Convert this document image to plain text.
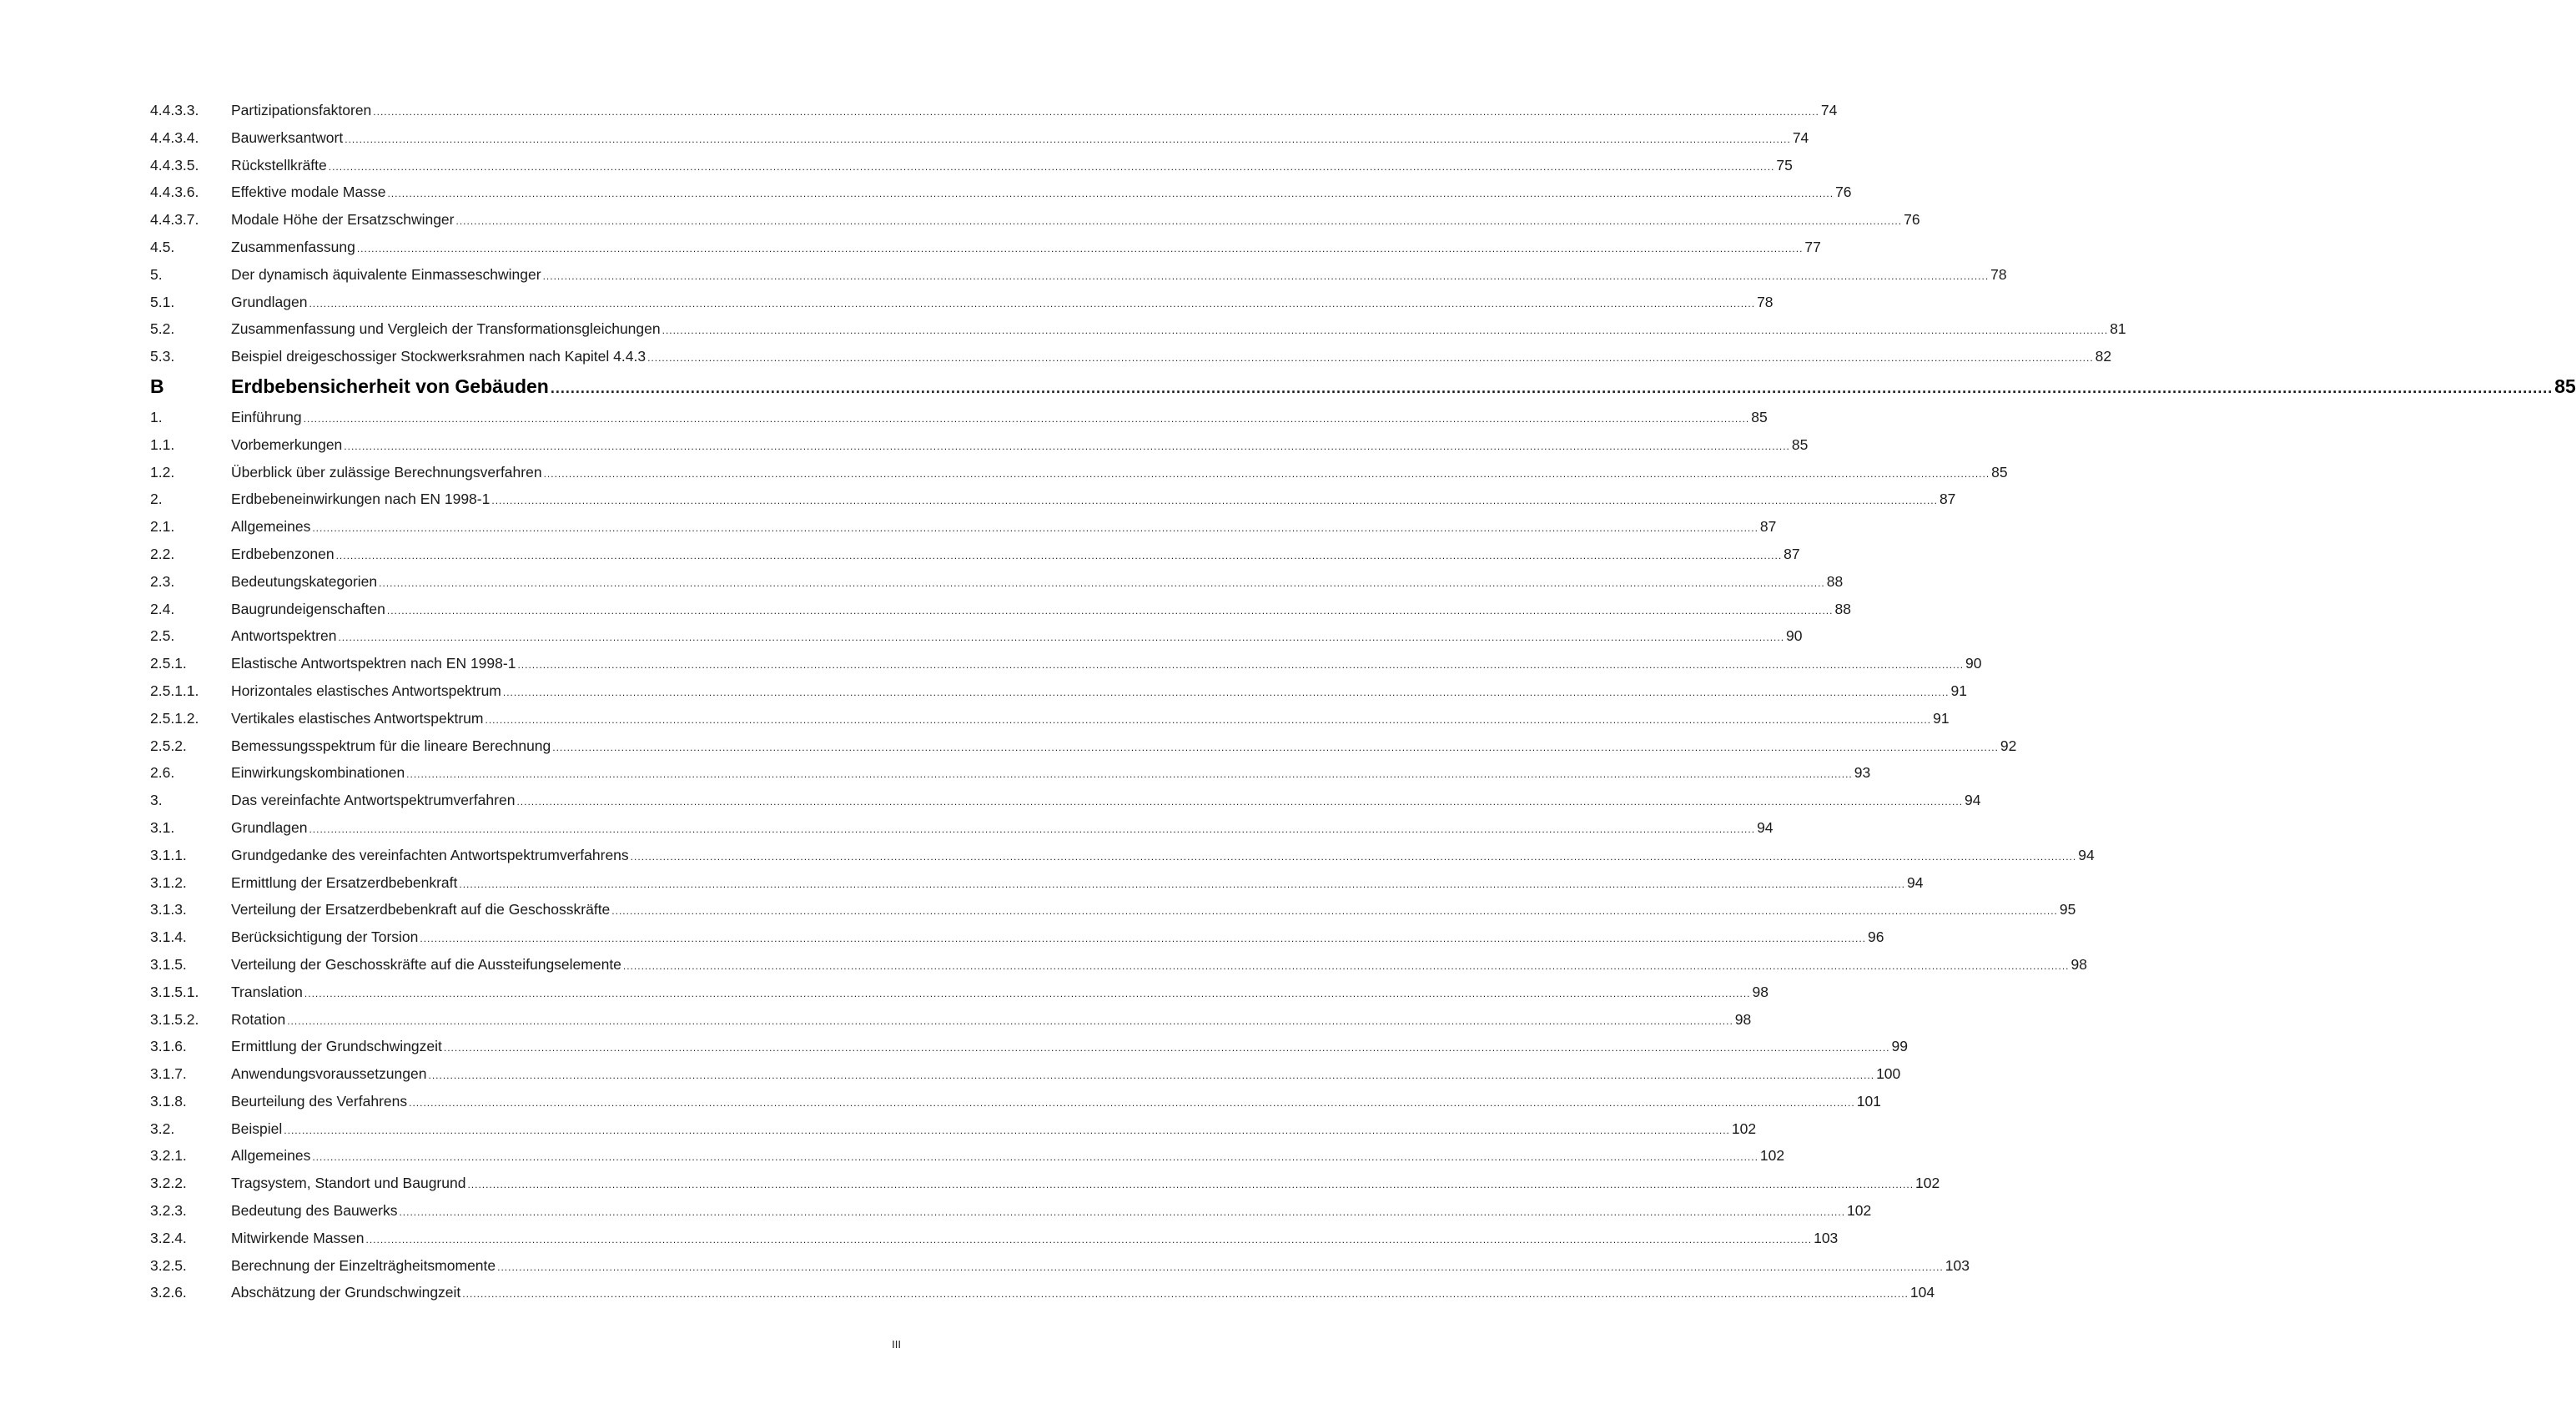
4.4.3.3.	Partizipationsfaktoren ................................................................................................................................................................................................................................................................................................................................................................................................................ 74
4.4.3.4.	Bauwerksantwort ................................................................................................................................................................................................................................................................................................................................................................................................................ 74
4.4.3.5.	Rückstellkräfte ................................................................................................................................................................................................................................................................................................................................................................................................................ 75
4.4.3.6.	Effektive modale Masse ................................................................................................................................................................................................................................................................................................................................................................................................................ 76
4.4.3.7.	Modale Höhe der Ersatzschwinger ................................................................................................................................................................................................................................................................................................................................................................................................................ 76
4.5.	Zusammenfassung ................................................................................................................................................................................................................................................................................................................................................................................................................ 77
5.	Der dynamisch äquivalente Einmasseschwinger ................................................................................................................................................................................................................................................................................................................................................................................................................ 78
5.1.	Grundlagen ................................................................................................................................................................................................................................................................................................................................................................................................................ 78
5.2.	Zusammenfassung und Vergleich der Transformationsgleichungen ................................................................................................................................................................................................................................................................................................................................................................................................................ 81
5.3.	Beispiel dreigeschossiger Stockwerksrahmen nach Kapitel 4.4.3 ................................................................................................................................................................................................................................................................................................................................................................................................................ 82
B	Erdbebensicherheit von Gebäuden ................................................................................................................................................................................................................................................................................................................................................................................................................ 85
1.	Einführung ................................................................................................................................................................................................................................................................................................................................................................................................................ 85
1.1.	Vorbemerkungen ................................................................................................................................................................................................................................................................................................................................................................................................................ 85
1.2.	Überblick über zulässige Berechnungsverfahren ................................................................................................................................................................................................................................................................................................................................................................................................................ 85
2.	Erdbebeneinwirkungen nach EN 1998-1 ................................................................................................................................................................................................................................................................................................................................................................................................................ 87
2.1.	Allgemeines ................................................................................................................................................................................................................................................................................................................................................................................................................ 87
2.2.	Erdbebenzonen ................................................................................................................................................................................................................................................................................................................................................................................................................ 87
2.3.	Bedeutungskategorien ................................................................................................................................................................................................................................................................................................................................................................................................................ 88
2.4.	Baugrundeigenschaften ................................................................................................................................................................................................................................................................................................................................................................................................................ 88
2.5.	Antwortspektren ................................................................................................................................................................................................................................................................................................................................................................................................................ 90
2.5.1.	Elastische Antwortspektren nach EN 1998-1 ................................................................................................................................................................................................................................................................................................................................................................................................................ 90
2.5.1.1.	Horizontales elastisches Antwortspektrum ................................................................................................................................................................................................................................................................................................................................................................................................................ 91
2.5.1.2.	Vertikales elastisches Antwortspektrum ................................................................................................................................................................................................................................................................................................................................................................................................................ 91
2.5.2.	Bemessungsspektrum für die lineare Berechnung ................................................................................................................................................................................................................................................................................................................................................................................................................ 92
2.6.	Einwirkungskombinationen ................................................................................................................................................................................................................................................................................................................................................................................................................ 93
3.	Das vereinfachte Antwortspektrumverfahren ................................................................................................................................................................................................................................................................................................................................................................................................................ 94
3.1.	Grundlagen ................................................................................................................................................................................................................................................................................................................................................................................................................ 94
3.1.1.	Grundgedanke des vereinfachten Antwortspektrumverfahrens ................................................................................................................................................................................................................................................................................................................................................................................................................ 94
3.1.2.	Ermittlung der Ersatzerdbebenkraft ................................................................................................................................................................................................................................................................................................................................................................................................................ 94
3.1.3.	Verteilung der Ersatzerdbebenkraft auf die Geschosskräfte ................................................................................................................................................................................................................................................................................................................................................................................................................ 95
3.1.4.	Berücksichtigung der Torsion ................................................................................................................................................................................................................................................................................................................................................................................................................ 96
3.1.5.	Verteilung der Geschosskräfte auf die Aussteifungselemente ................................................................................................................................................................................................................................................................................................................................................................................................................ 98
3.1.5.1.	Translation ................................................................................................................................................................................................................................................................................................................................................................................................................ 98
3.1.5.2.	Rotation ................................................................................................................................................................................................................................................................................................................................................................................................................ 98
3.1.6.	Ermittlung der Grundschwingzeit ................................................................................................................................................................................................................................................................................................................................................................................................................ 99
3.1.7.	Anwendungsvoraussetzungen ................................................................................................................................................................................................................................................................................................................................................................................................................ 100
3.1.8.	Beurteilung des Verfahrens ................................................................................................................................................................................................................................................................................................................................................................................................................ 101
3.2.	Beispiel ................................................................................................................................................................................................................................................................................................................................................................................................................ 102
3.2.1.	Allgemeines ................................................................................................................................................................................................................................................................................................................................................................................................................ 102
3.2.2.	Tragsystem, Standort und Baugrund ................................................................................................................................................................................................................................................................................................................................................................................................................ 102
3.2.3.	Bedeutung des Bauwerks ................................................................................................................................................................................................................................................................................................................................................................................................................ 102
3.2.4.	Mitwirkende Massen ................................................................................................................................................................................................................................................................................................................................................................................................................ 103
3.2.5.	Berechnung der Einzelträgheitsmomente ................................................................................................................................................................................................................................................................................................................................................................................................................ 103
3.2.6.	Abschätzung der Grundschwingzeit ................................................................................................................................................................................................................................................................................................................................................................................................................ 104
III
